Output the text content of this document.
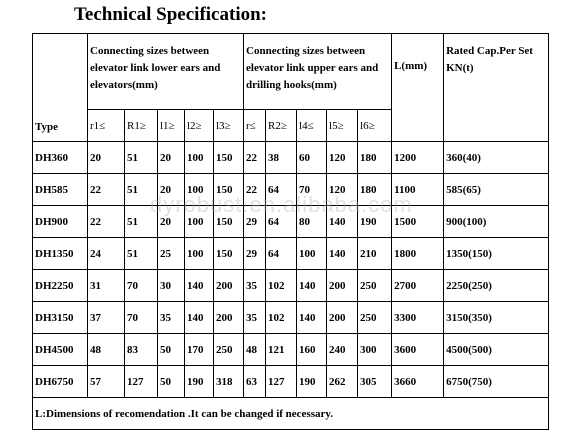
Technical Specification:
Type	Connecting sizes between elevator link lower ears and elevators(mm)					Connecting sizes between elevator link upper ears and drilling hooks(mm)					L(mm)	Rated Cap.Per Set KN(t)
	r1≤	R1≥	l1≥	l2≥	l3≥	r≤	R2≥	l4≤	l5≥	l6≥		
DH360	20	51	20	100	150	22	38	60	120	180	1200	360(40)
DH585	22	51	20	100	150	22	64	70	120	180	1100	585(65)
DH900	22	51	20	100	150	29	64	80	140	190	1500	900(100)
DH1350	24	51	25	100	150	29	64	100	140	210	1800	1350(150)
DH2250	31	70	30	140	200	35	102	140	200	250	2700	2250(250)
DH3150	37	70	35	140	200	35	102	140	200	250	3300	3150(350)
DH4500	48	83	50	170	250	48	121	160	240	300	3600	4500(500)
DH6750	57	127	50	190	318	63	127	190	262	305	3660	6750(750)
L:Dimensions of recomendation .It can be changed if necessary.												
dyrobust.en.alibaba.com
